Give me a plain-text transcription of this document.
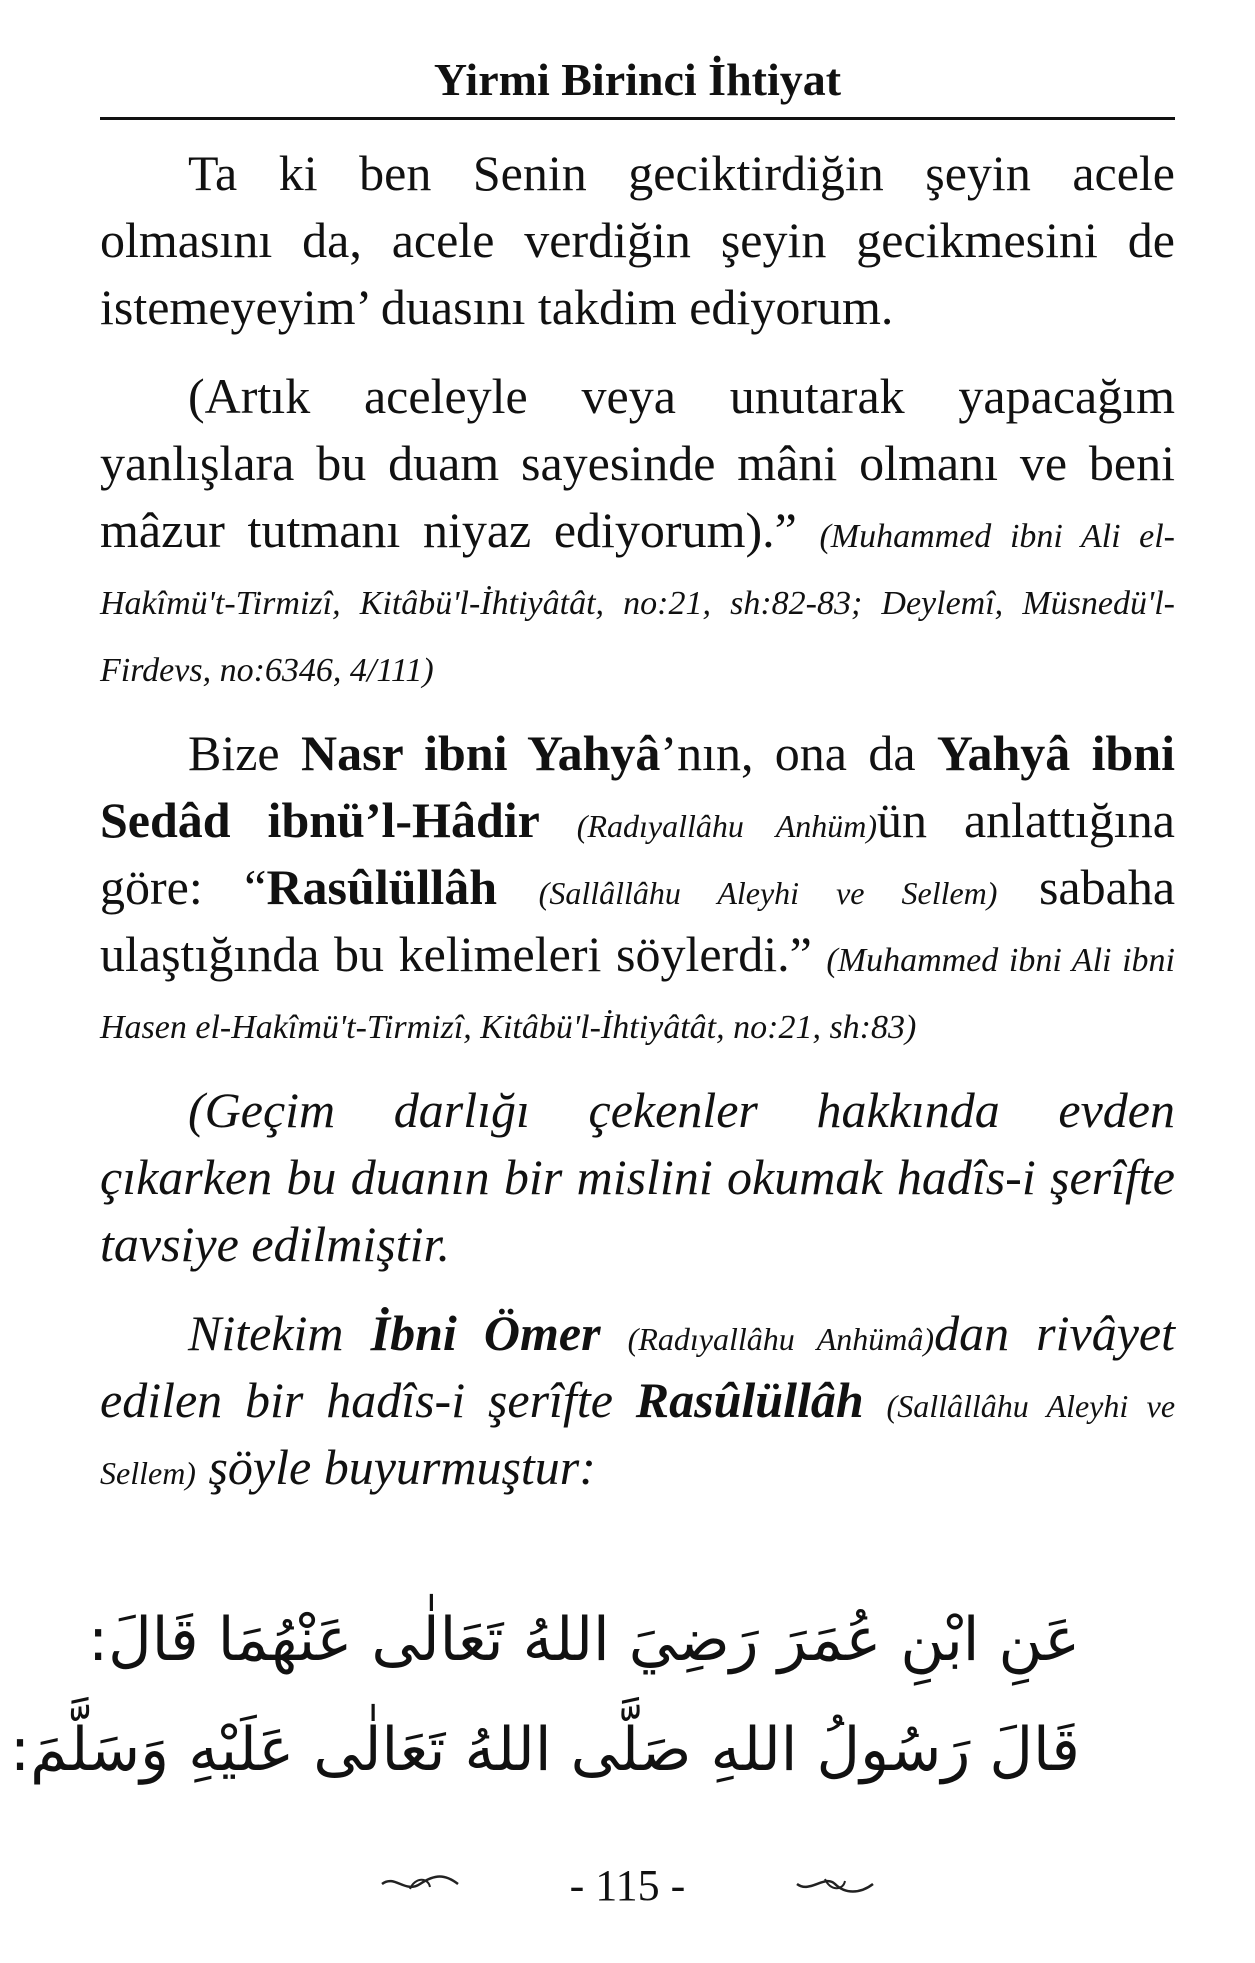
Yirmi Birinci İhtiyat

Ta ki ben Senin geciktirdiğin şeyin acele olmasını da, acele verdiğin şeyin gecikmesini de istemeyeyim’ duasını takdim ediyorum.

(Artık aceleyle veya unutarak yapacağım yanlışlara bu duam sayesinde mâni olmanı ve beni mâzur tutmanı niyaz ediyorum).” (Muhammed ibni Ali el-Hakîmü't-Tirmizî, Kitâbü'l-İhtiyâtât, no:21, sh:82-83; Deylemî, Müsnedü'l-Firdevs, no:6346, 4/111)

Bize Nasr ibni Yahyâ’nın, ona da Yahyâ ibni Sedâd ibnü’l-Hâdir (Radıyallâhu Anhüm)ün anlattığına göre: “Rasûlüllâh (Sallâllâhu Aleyhi ve Sellem) sabaha ulaştığında bu kelimeleri söylerdi.” (Muhammed ibni Ali ibni Hasen el-Hakîmü't-Tirmizî, Kitâbü'l-İhtiyâtât, no:21, sh:83)

(Geçim darlığı çekenler hakkında evden çıkarken bu duanın bir mislini okumak hadîs-i şerîfte tavsiye edilmiştir.

Nitekim İbni Ömer (Radıyallâhu Anhümâ)dan rivâyet edilen bir hadîs-i şerîfte Rasûlüllâh (Sallâllâhu Aleyhi ve Sellem) şöyle buyurmuştur:

عَنِ ابْنِ عُمَرَ رَضِيَ اللهُ تَعَالٰى عَنْهُمَا قَالَ:
قَالَ رَسُولُ اللهِ صَلَّى اللهُ تَعَالٰى عَلَيْهِ وَسَلَّمَ:
- 115 -
